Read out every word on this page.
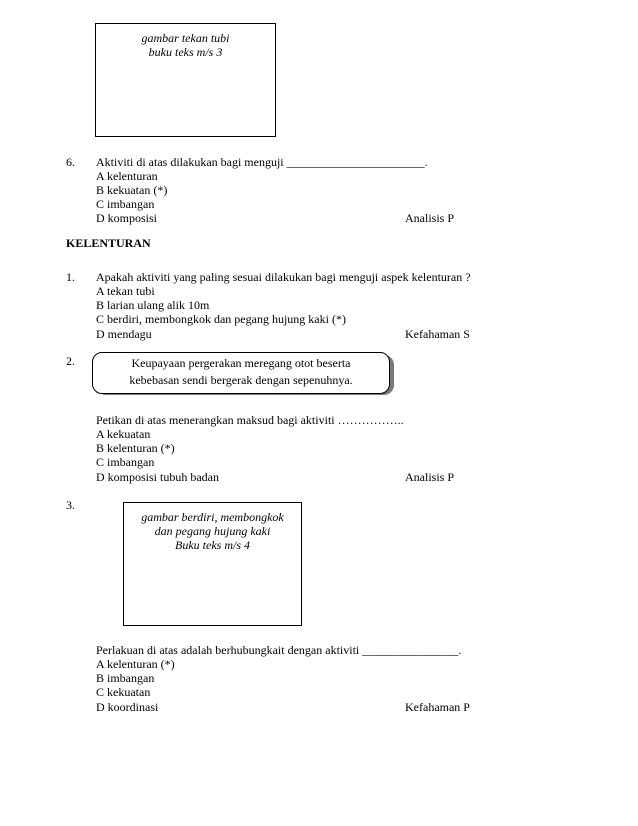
gambar tekan tubi
buku teks m/s 3
6. Aktiviti di atas dilakukan bagi menguji _______________________.
A kelenturan
B kekuatan (*)
C imbangan
D komposisi	Analisis P
KELENTURAN
1. Apakah aktiviti yang paling sesuai dilakukan bagi menguji aspek kelenturan ?
A tekan tubi
B larian ulang alik 10m
C berdiri, membongkok dan pegang hujung kaki (*)
D mendagu	Kefahaman S
2.	Keupayaan pergerakan meregang otot beserta
kebebasan sendi bergerak dengan sepenuhnya.
Petikan di atas menerangkan maksud bagi aktiviti ……………..
A kekuatan
B kelenturan (*)
C imbangan
D komposisi tubuh badan	Analisis P
3.
gambar berdiri, membongkok
dan pegang hujung kaki
Buku teks m/s 4
Perlakuan di atas adalah berhubungkait dengan aktiviti ________________.
A kelenturan (*)
B imbangan
C kekuatan
D koordinasi	Kefahaman P
